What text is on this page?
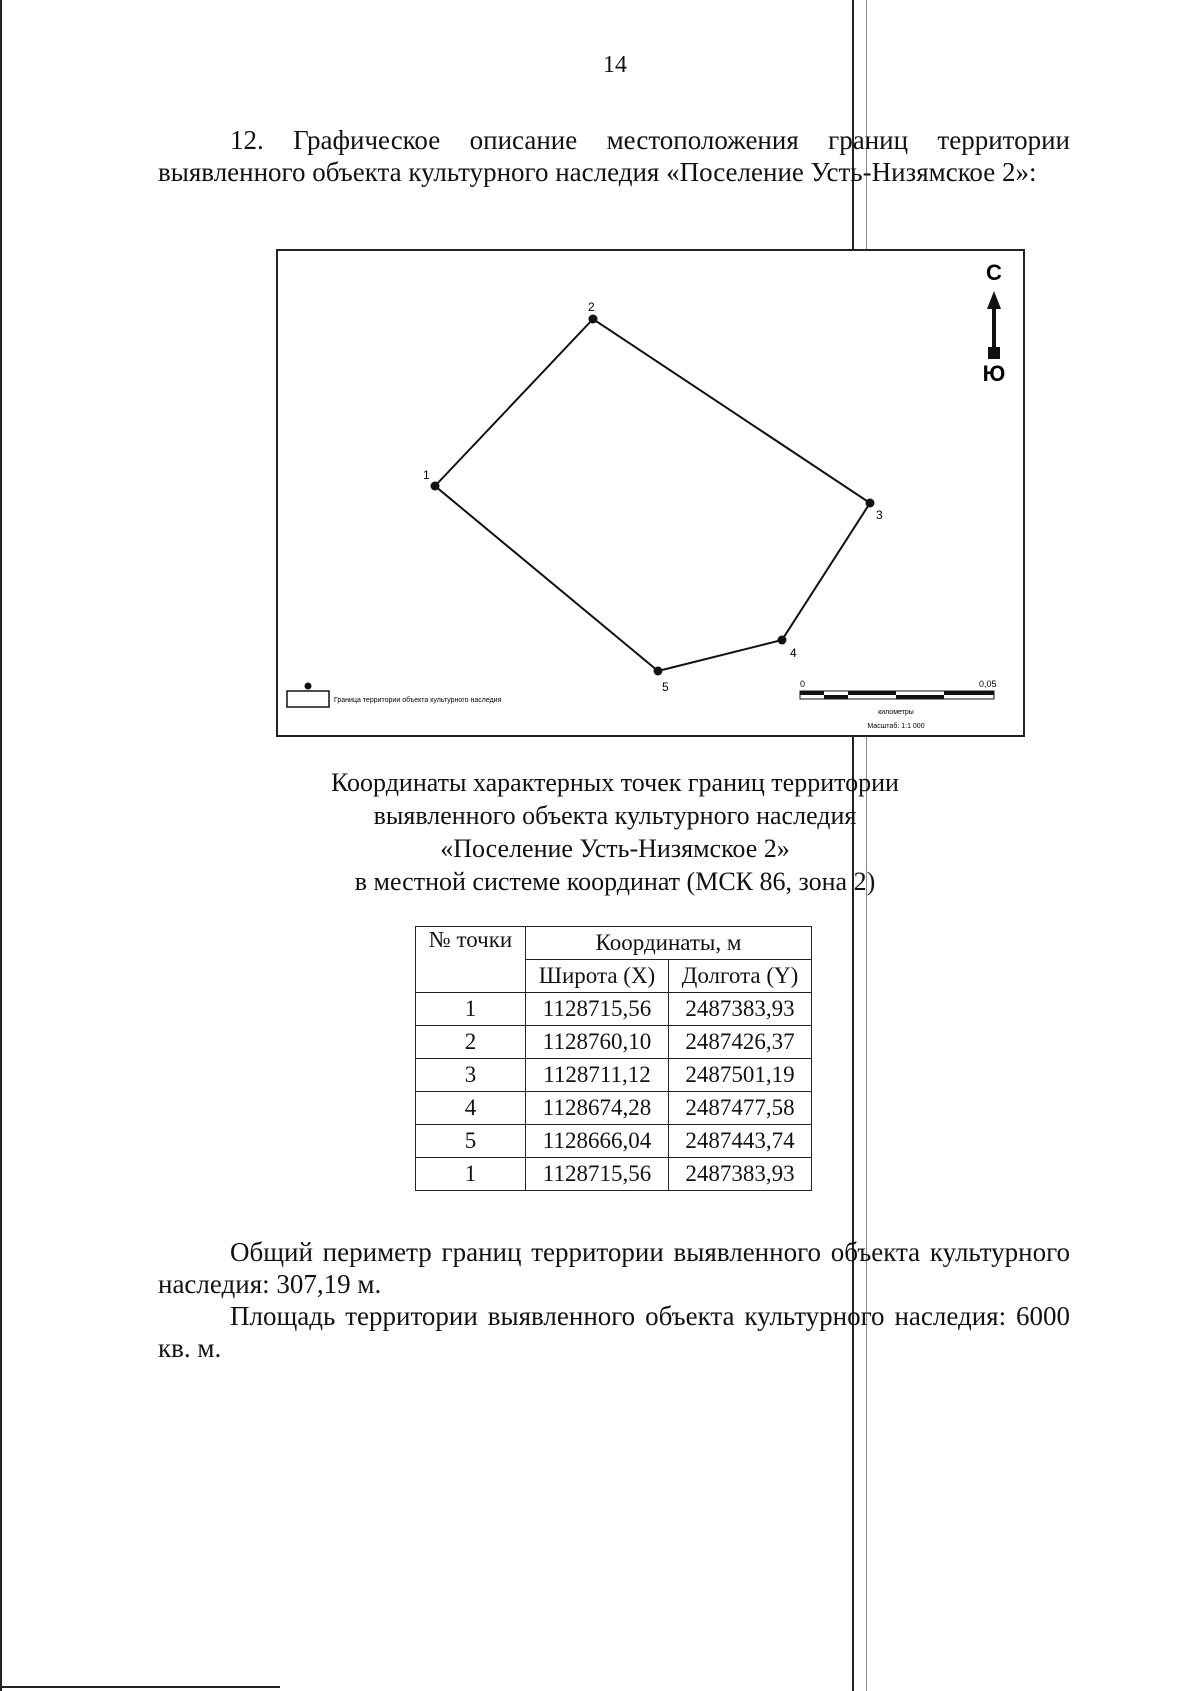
14
12. Графическое описание местоположения границ территории выявленного объекта культурного наследия «Поселение Усть-Низямское 2»:
1
2
3
4
5
С
Ю
Граница территории объекта культурного наследия
0	0,05
километры
Масштаб: 1:1 000
Координаты характерных точек границ территории
выявленного объекта культурного наследия
«Поселение Усть-Низямское 2»
в местной системе координат (МСК 86, зона 2)
№ точки	Координаты, м	
	Широта (X)	Долгота (Y)
1	1128715,56	2487383,93
2	1128760,10	2487426,37
3	1128711,12	2487501,19
4	1128674,28	2487477,58
5	1128666,04	2487443,74
1	1128715,56	2487383,93
Общий периметр границ территории выявленного объекта культурного наследия: 307,19 м.
Площадь территории выявленного объекта культурного наследия: 6000 кв. м.
